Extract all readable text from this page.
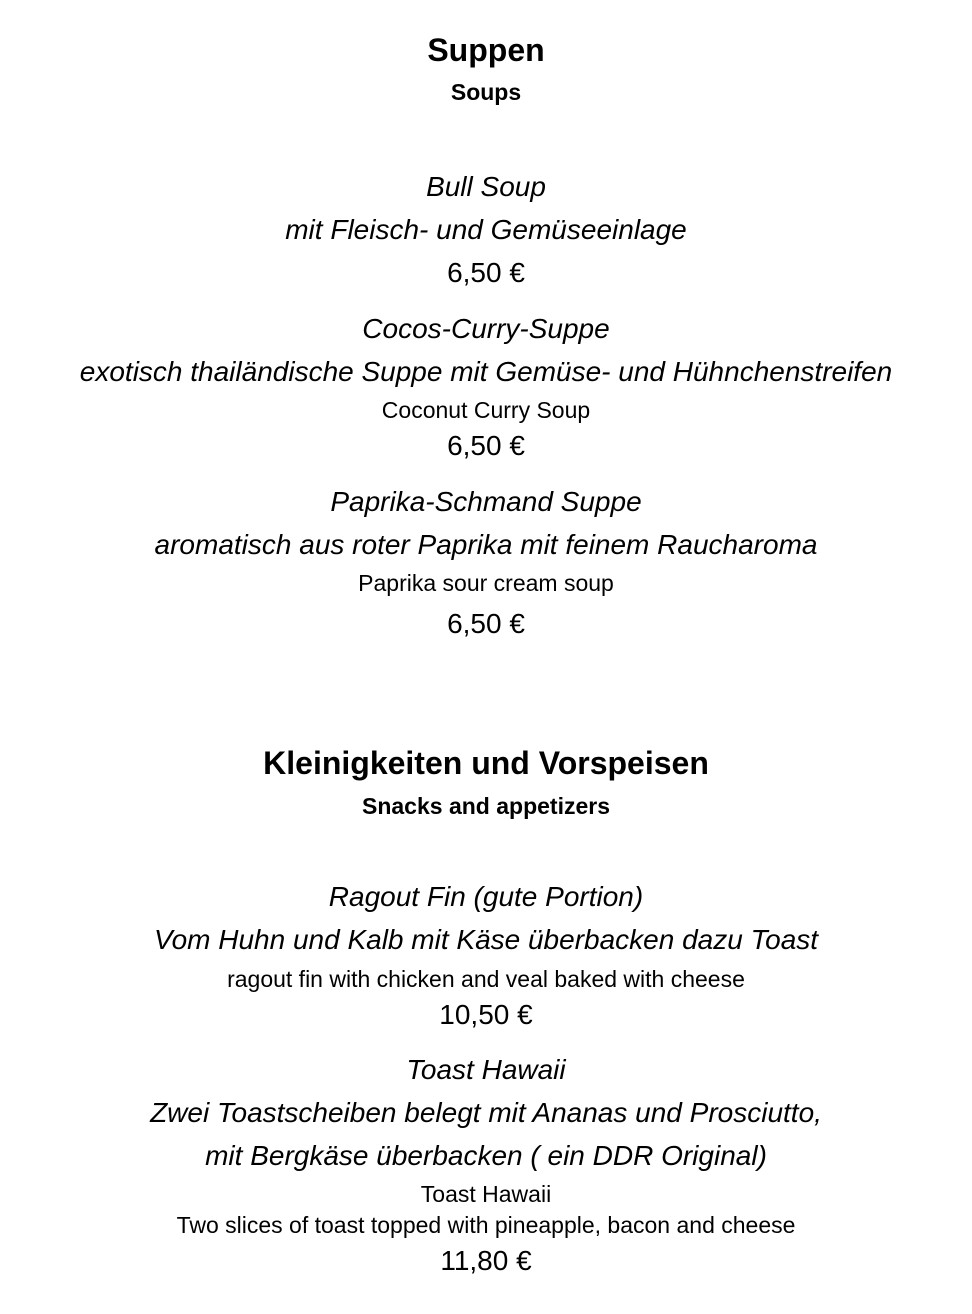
Suppen
Soups
Bull Soup
mit Fleisch- und Gemüseeinlage
6,50 €
Cocos-Curry-Suppe
exotisch thailändische Suppe mit Gemüse- und Hühnchenstreifen
Coconut Curry Soup
6,50 €
Paprika-Schmand Suppe
aromatisch aus roter Paprika mit feinem Raucharoma
Paprika sour cream soup
6,50 €
Kleinigkeiten und Vorspeisen
Snacks and appetizers
Ragout Fin (gute Portion)
Vom Huhn und Kalb mit Käse überbacken dazu Toast
ragout fin with chicken and veal baked with cheese
10,50 €
Toast Hawaii
Zwei Toastscheiben belegt mit Ananas und Prosciutto,
mit Bergkäse überbacken ( ein DDR Original)
Toast Hawaii
Two slices of toast topped with pineapple, bacon and cheese
11,80 €
